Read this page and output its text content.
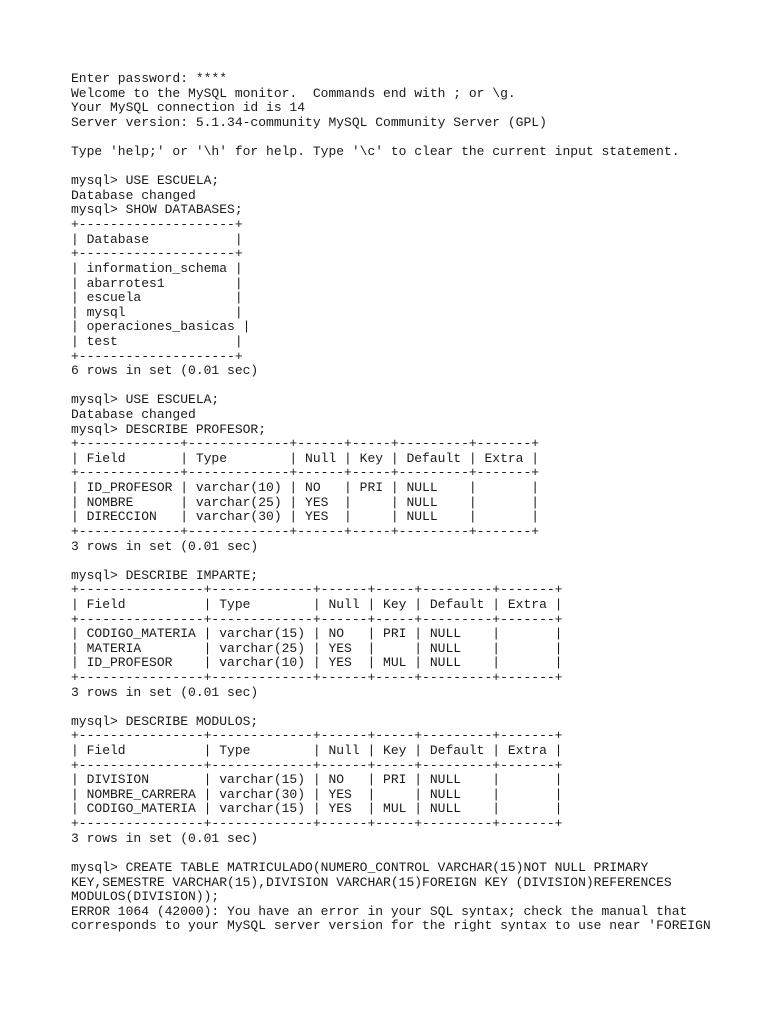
Enter password: ****
Welcome to the MySQL monitor.  Commands end with ; or \g.
Your MySQL connection id is 14
Server version: 5.1.34-community MySQL Community Server (GPL)

Type 'help;' or '\h' for help. Type '\c' to clear the current input statement.

mysql> USE ESCUELA;
Database changed
mysql> SHOW DATABASES;
+--------------------+
| Database           |
+--------------------+
| information_schema |
| abarrotes1         |
| escuela            |
| mysql              |
| operaciones_basicas |
| test               |
+--------------------+
6 rows in set (0.01 sec)

mysql> USE ESCUELA;
Database changed
mysql> DESCRIBE PROFESOR;
+-------------+-------------+------+-----+---------+-------+
| Field       | Type        | Null | Key | Default | Extra |
+-------------+-------------+------+-----+---------+-------+
| ID_PROFESOR | varchar(10) | NO   | PRI | NULL    |       |
| NOMBRE      | varchar(25) | YES  |     | NULL    |       |
| DIRECCION   | varchar(30) | YES  |     | NULL    |       |
+-------------+-------------+------+-----+---------+-------+
3 rows in set (0.01 sec)

mysql> DESCRIBE IMPARTE;
+----------------+-------------+------+-----+---------+-------+
| Field          | Type        | Null | Key | Default | Extra |
+----------------+-------------+------+-----+---------+-------+
| CODIGO_MATERIA | varchar(15) | NO   | PRI | NULL    |       |
| MATERIA        | varchar(25) | YES  |     | NULL    |       |
| ID_PROFESOR    | varchar(10) | YES  | MUL | NULL    |       |
+----------------+-------------+------+-----+---------+-------+
3 rows in set (0.01 sec)

mysql> DESCRIBE MODULOS;
+----------------+-------------+------+-----+---------+-------+
| Field          | Type        | Null | Key | Default | Extra |
+----------------+-------------+------+-----+---------+-------+
| DIVISION       | varchar(15) | NO   | PRI | NULL    |       |
| NOMBRE_CARRERA | varchar(30) | YES  |     | NULL    |       |
| CODIGO_MATERIA | varchar(15) | YES  | MUL | NULL    |       |
+----------------+-------------+------+-----+---------+-------+
3 rows in set (0.01 sec)

mysql> CREATE TABLE MATRICULADO(NUMERO_CONTROL VARCHAR(15)NOT NULL PRIMARY
KEY,SEMESTRE VARCHAR(15),DIVISION VARCHAR(15)FOREIGN KEY (DIVISION)REFERENCES
MODULOS(DIVISION));
ERROR 1064 (42000): You have an error in your SQL syntax; check the manual that
corresponds to your MySQL server version for the right syntax to use near 'FOREIGN
